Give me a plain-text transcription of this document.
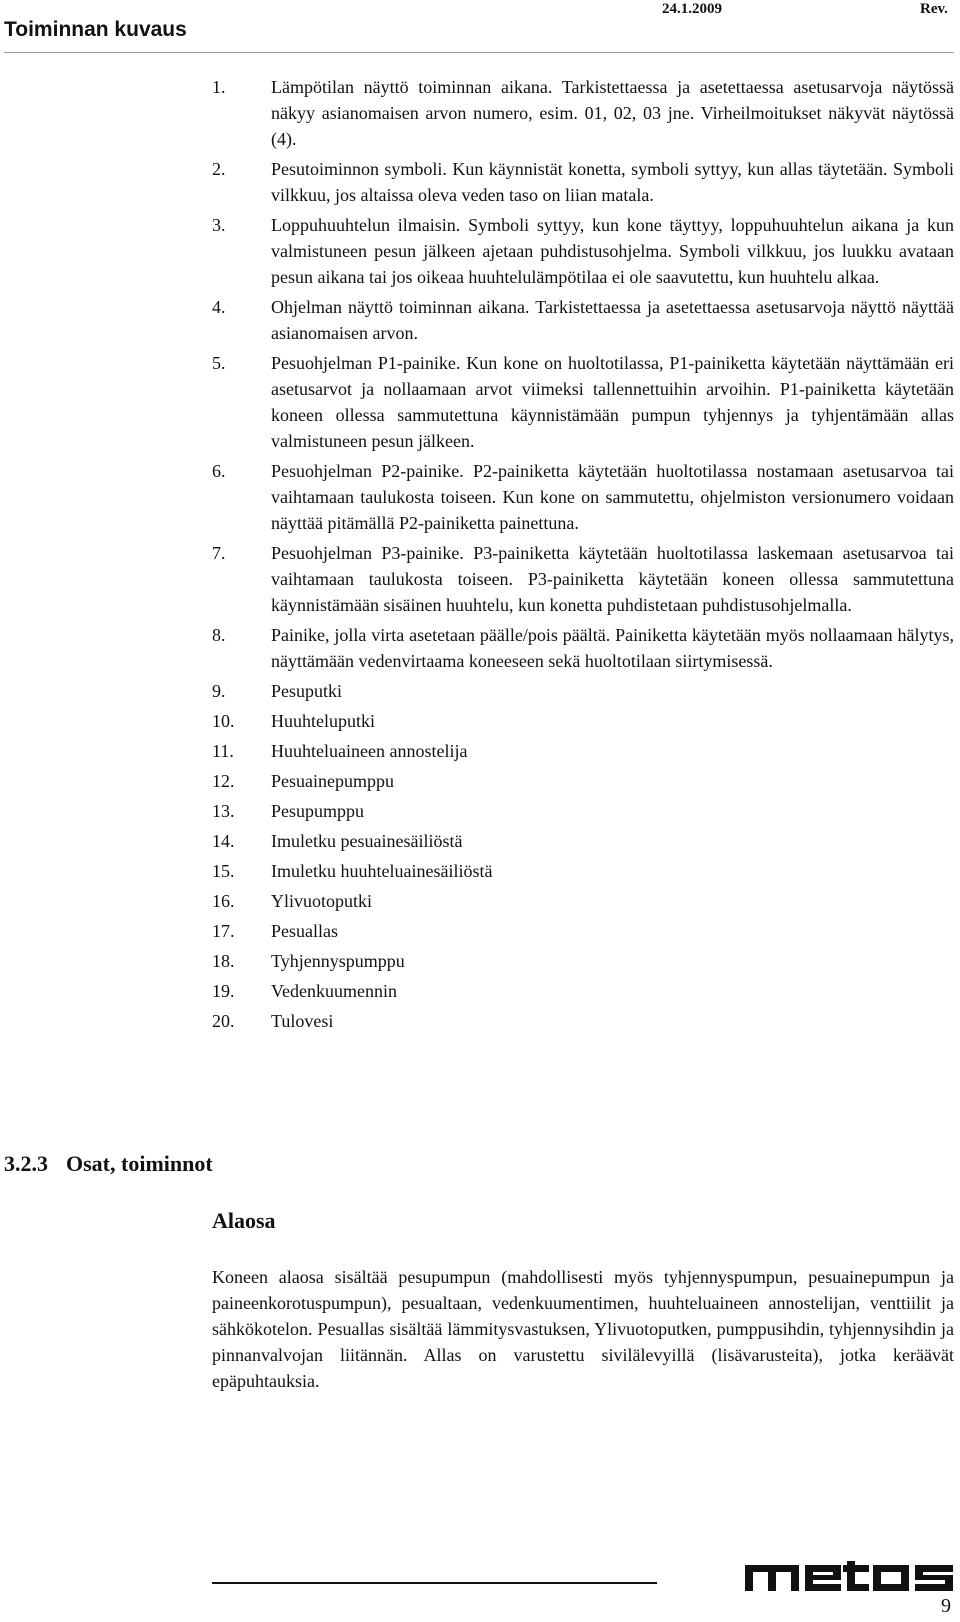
Toiminnan kuvaus
24.1.2009	Rev.
1.	Lämpötilan näyttö toiminnan aikana. Tarkistettaessa ja asetettaessa asetusarvoja näytössä näkyy asianomaisen arvon numero, esim. 01, 02, 03 jne. Virheilmoitukset näkyvät näytössä (4).
2.	Pesutoiminnon symboli. Kun käynnistät konetta, symboli syttyy, kun allas täytetään. Symboli vilkkuu, jos altaissa oleva veden taso on liian matala.
3.	Loppuhuuhtelun ilmaisin. Symboli syttyy, kun kone täyttyy, loppuhuuhtelun aikana ja kun valmistuneen pesun jälkeen ajetaan puhdistusohjelma. Symboli vilkkuu, jos luukku avataan pesun aikana tai jos oikeaa huuhtelulämpötilaa ei ole saavutettu, kun huuhtelu alkaa.
4.	Ohjelman näyttö toiminnan aikana. Tarkistettaessa ja asetettaessa asetusarvoja näyttö näyttää asianomaisen arvon.
5.	Pesuohjelman P1-painike. Kun kone on huoltotilassa, P1-painiketta käytetään näyttämään eri asetusarvot ja nollaamaan arvot viimeksi tallennettuihin arvoihin. P1-painiketta käytetään koneen ollessa sammutettuna käynnistämään pumpun tyhjennys ja tyhjentämään allas valmistuneen pesun jälkeen.
6.	Pesuohjelman P2-painike. P2-painiketta käytetään huoltotilassa nostamaan asetusarvoa tai vaihtamaan taulukosta toiseen. Kun kone on sammutettu, ohjelmiston versionumero voidaan näyttää pitämällä P2-painiketta painettuna.
7.	Pesuohjelman P3-painike. P3-painiketta käytetään huoltotilassa laskemaan asetusarvoa tai vaihtamaan taulukosta toiseen. P3-painiketta käytetään koneen ollessa sammutettuna käynnistämään sisäinen huuhtelu, kun konetta puhdistetaan puhdistusohjelmalla.
8.	Painike, jolla virta asetetaan päälle/pois päältä. Painiketta käytetään myös nollaamaan hälytys, näyttämään vedenvirtaama koneeseen sekä huoltotilaan siirtymisessä.
9.	Pesuputki
10. Huuhteluputki
11. Huuhteluaineen annostelija
12. Pesuainepumppu
13. Pesupumppu
14. Imuletku pesuainesäiliöstä
15. Imuletku huuhteluainesäiliöstä
16. Ylivuotoputki
17. Pesuallas
18. Tyhjennyspumppu
19. Vedenkuumennin
20. Tulovesi
3.2.3 Osat, toiminnot
Alaosa
Koneen alaosa sisältää pesupumpun (mahdollisesti myös tyhjennyspumpun, pesuainepumpun ja paineenkorotuspumpun), pesualtaan, vedenkuumentimen, huuhteluaineen annostelijan, venttiilit ja sähkökotelon. Pesuallas sisältää lämmitysvastuksen, Ylivuotoputken, pumppusihdin, tyhjennysihdin ja pinnanvalvojan liitännän. Allas on varustettu sivilälevyillä (lisävarusteita), jotka keräävät epäpuhtauksia.
9
